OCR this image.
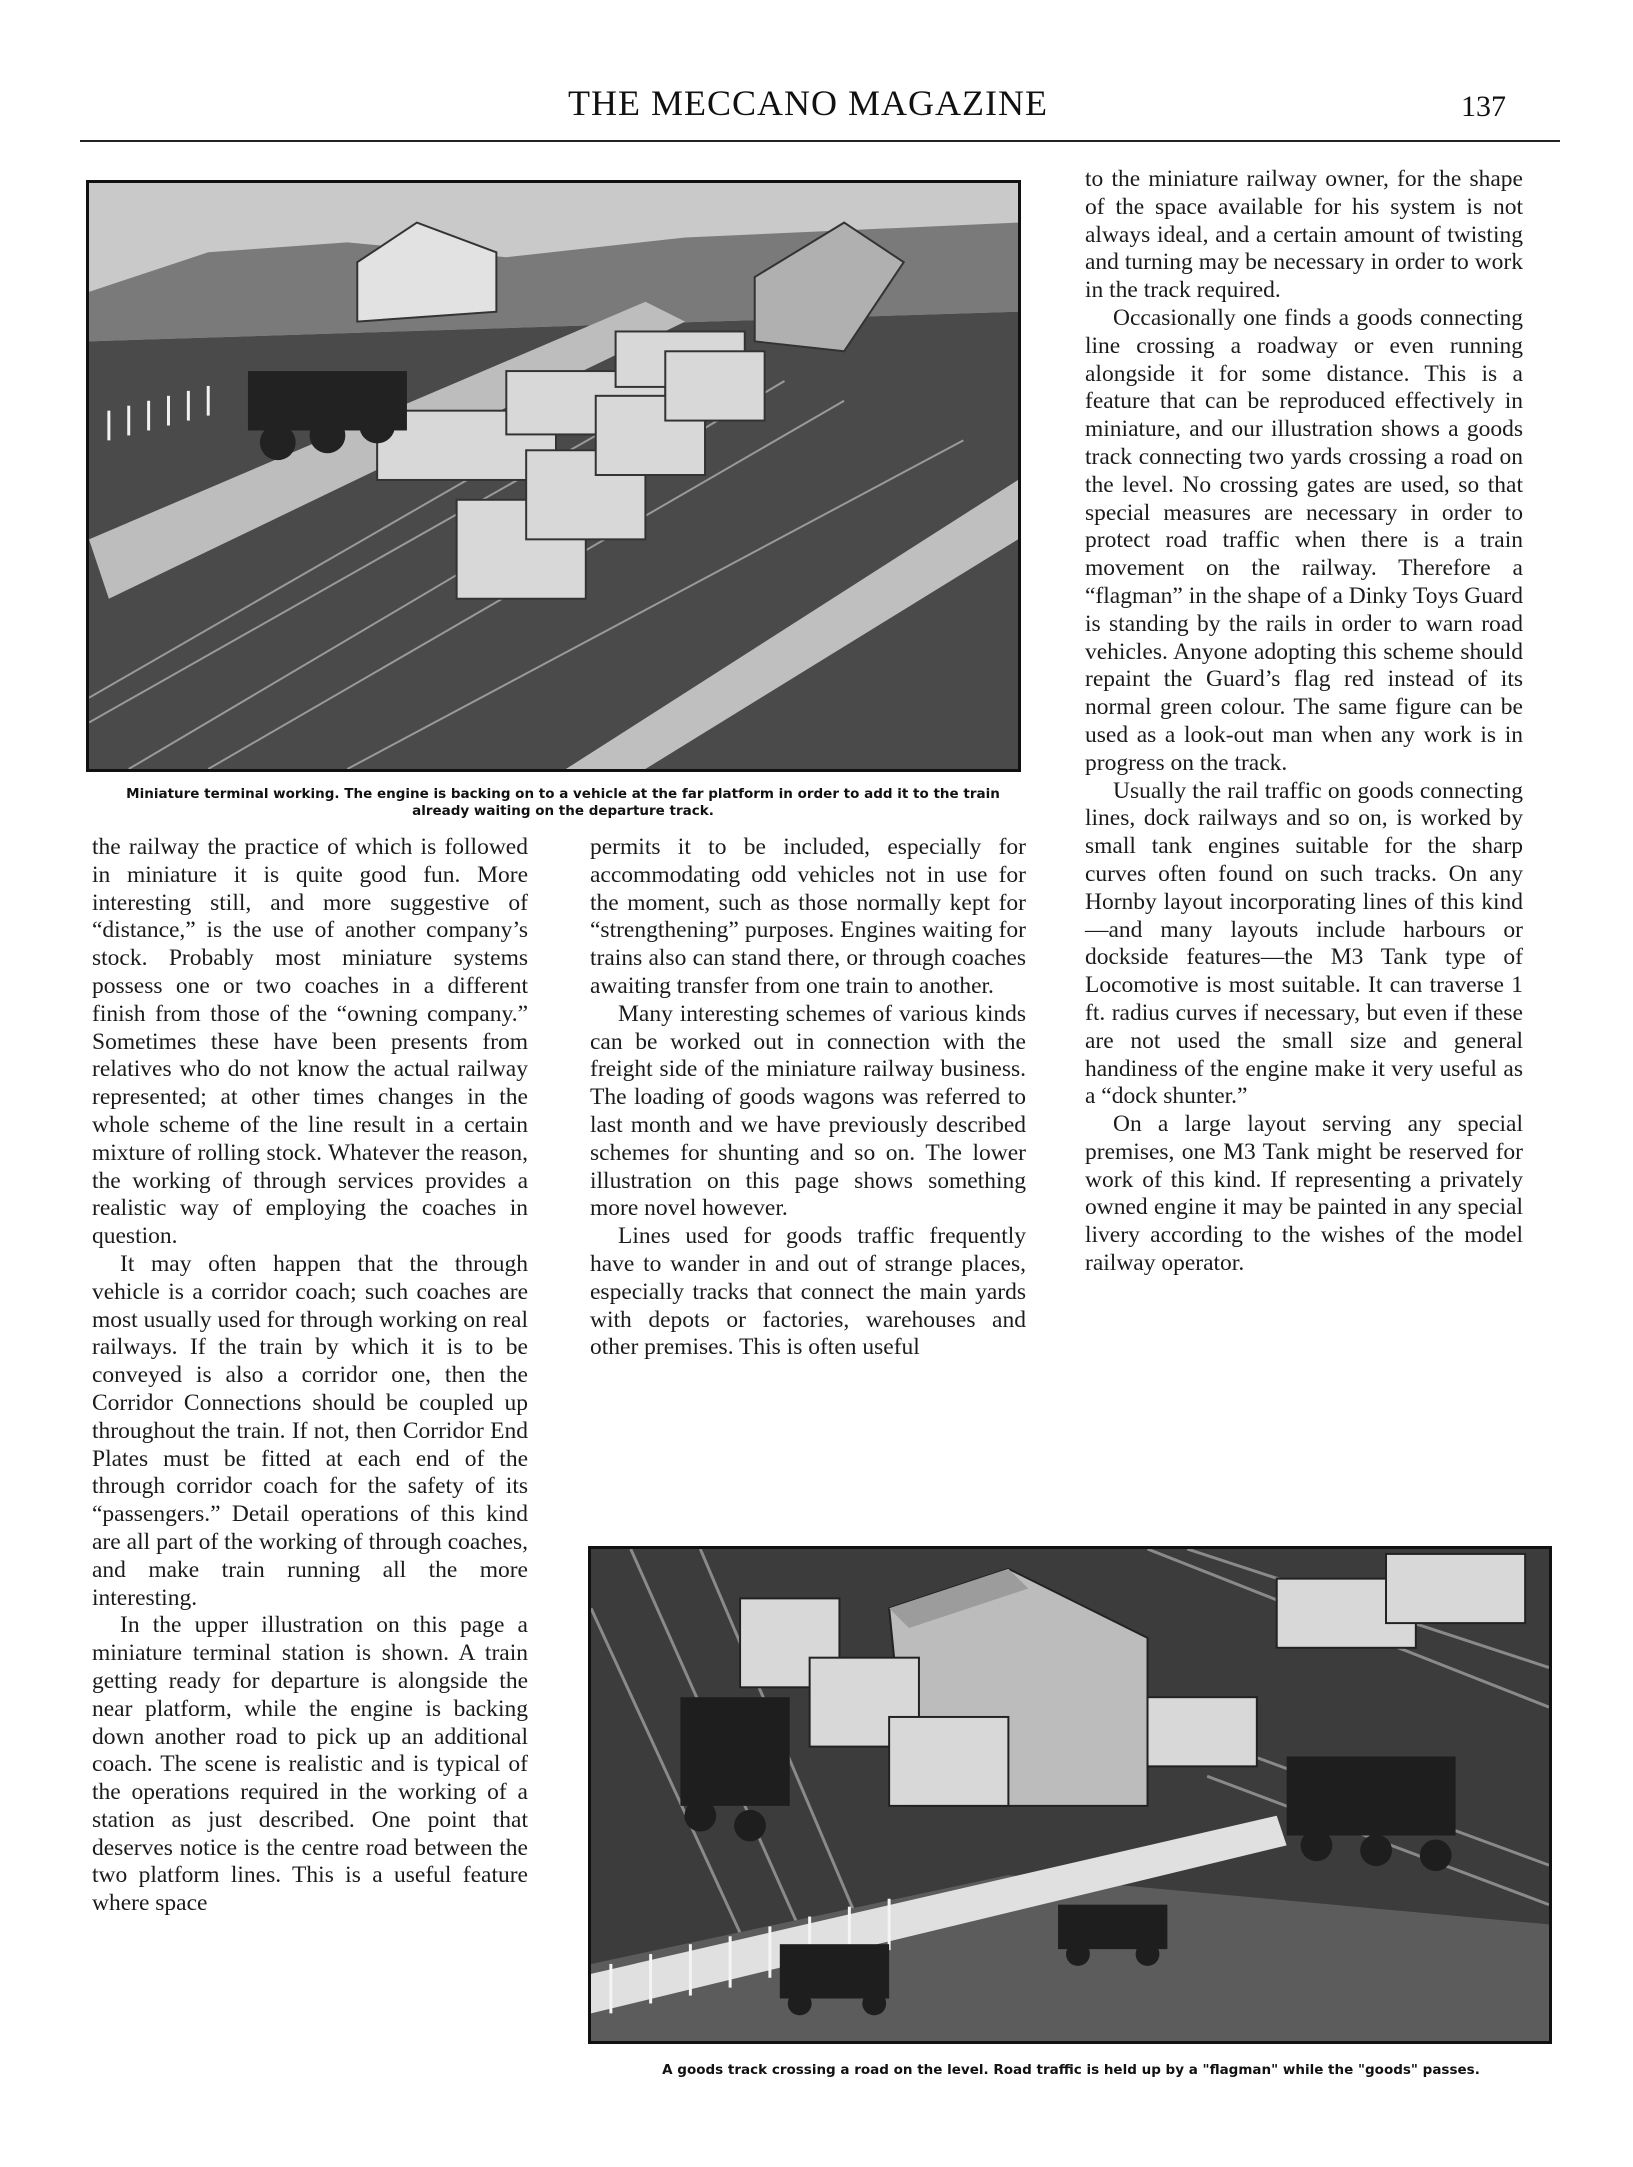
THE MECCANO MAGAZINE	137
Miniature terminal working. The engine is backing on to a vehicle at the far platform in order to add it to the train already waiting on the departure track.

the railway the practice of which is followed in miniature it is quite good fun. More interesting still, and more suggestive of “distance,” is the use of another company’s stock. Probably most miniature systems possess one or two coaches in a different finish from those of the “owning company.” Sometimes these have been presents from relatives who do not know the actual railway represented; at other times changes in the whole scheme of the line result in a certain mixture of rolling stock. Whatever the reason, the working of through services provides a realistic way of employing the coaches in question.

It may often happen that the through vehicle is a corridor coach; such coaches are most usually used for through working on real railways. If the train by which it is to be conveyed is also a corridor one, then the Corridor Connections should be coupled up throughout the train. If not, then Corridor End Plates must be fitted at each end of the through corridor coach for the safety of its “passengers.” Detail operations of this kind are all part of the working of through coaches, and make train running all the more interesting.

In the upper illustration on this page a miniature terminal station is shown. A train getting ready for departure is alongside the near platform, while the engine is backing down another road to pick up an additional coach. The scene is realistic and is typical of the operations required in the working of a station as just described. One point that deserves notice is the centre road between the two platform lines. This is a useful feature where space

permits it to be included, especially for accommodating odd vehicles not in use for the moment, such as those normally kept for “strengthening” purposes. Engines waiting for trains also can stand there, or through coaches awaiting transfer from one train to another.

Many interesting schemes of various kinds can be worked out in connection with the freight side of the miniature railway business. The loading of goods wagons was referred to last month and we have previously described schemes for shunting and so on. The lower illustration on this page shows something more novel however.

Lines used for goods traffic frequently have to wander in and out of strange places, especially tracks that connect the main yards with depots or factories, warehouses and other premises. This is often useful

to the miniature railway owner, for the shape of the space available for his system is not always ideal, and a certain amount of twisting and turning may be necessary in order to work in the track required.

Occasionally one finds a goods connecting line crossing a roadway or even running alongside it for some distance. This is a feature that can be reproduced effectively in miniature, and our illustration shows a goods track connecting two yards crossing a road on the level. No crossing gates are used, so that special measures are necessary in order to protect road traffic when there is a train movement on the railway. Therefore a “flagman” in the shape of a Dinky Toys Guard is standing by the rails in order to warn road vehicles. Anyone adopting this scheme should repaint the Guard’s flag red instead of its normal green colour. The same figure can be used as a look-out man when any work is in progress on the track.

Usually the rail traffic on goods connecting lines, dock railways and so on, is worked by small tank engines suitable for the sharp curves often found on such tracks. On any Hornby layout incorporating lines of this kind —and many layouts include harbours or dockside features—the M3 Tank type of Locomotive is most suitable. It can traverse 1 ft. radius curves if necessary, but even if these are not used the small size and general handiness of the engine make it very useful as a “dock shunter.”

On a large layout serving any special premises, one M3 Tank might be reserved for work of this kind. If representing a privately owned engine it may be painted in any special livery according to the wishes of the model railway operator.

A goods track crossing a road on the level. Road traffic is held up by a "flagman" while the "goods" passes.
